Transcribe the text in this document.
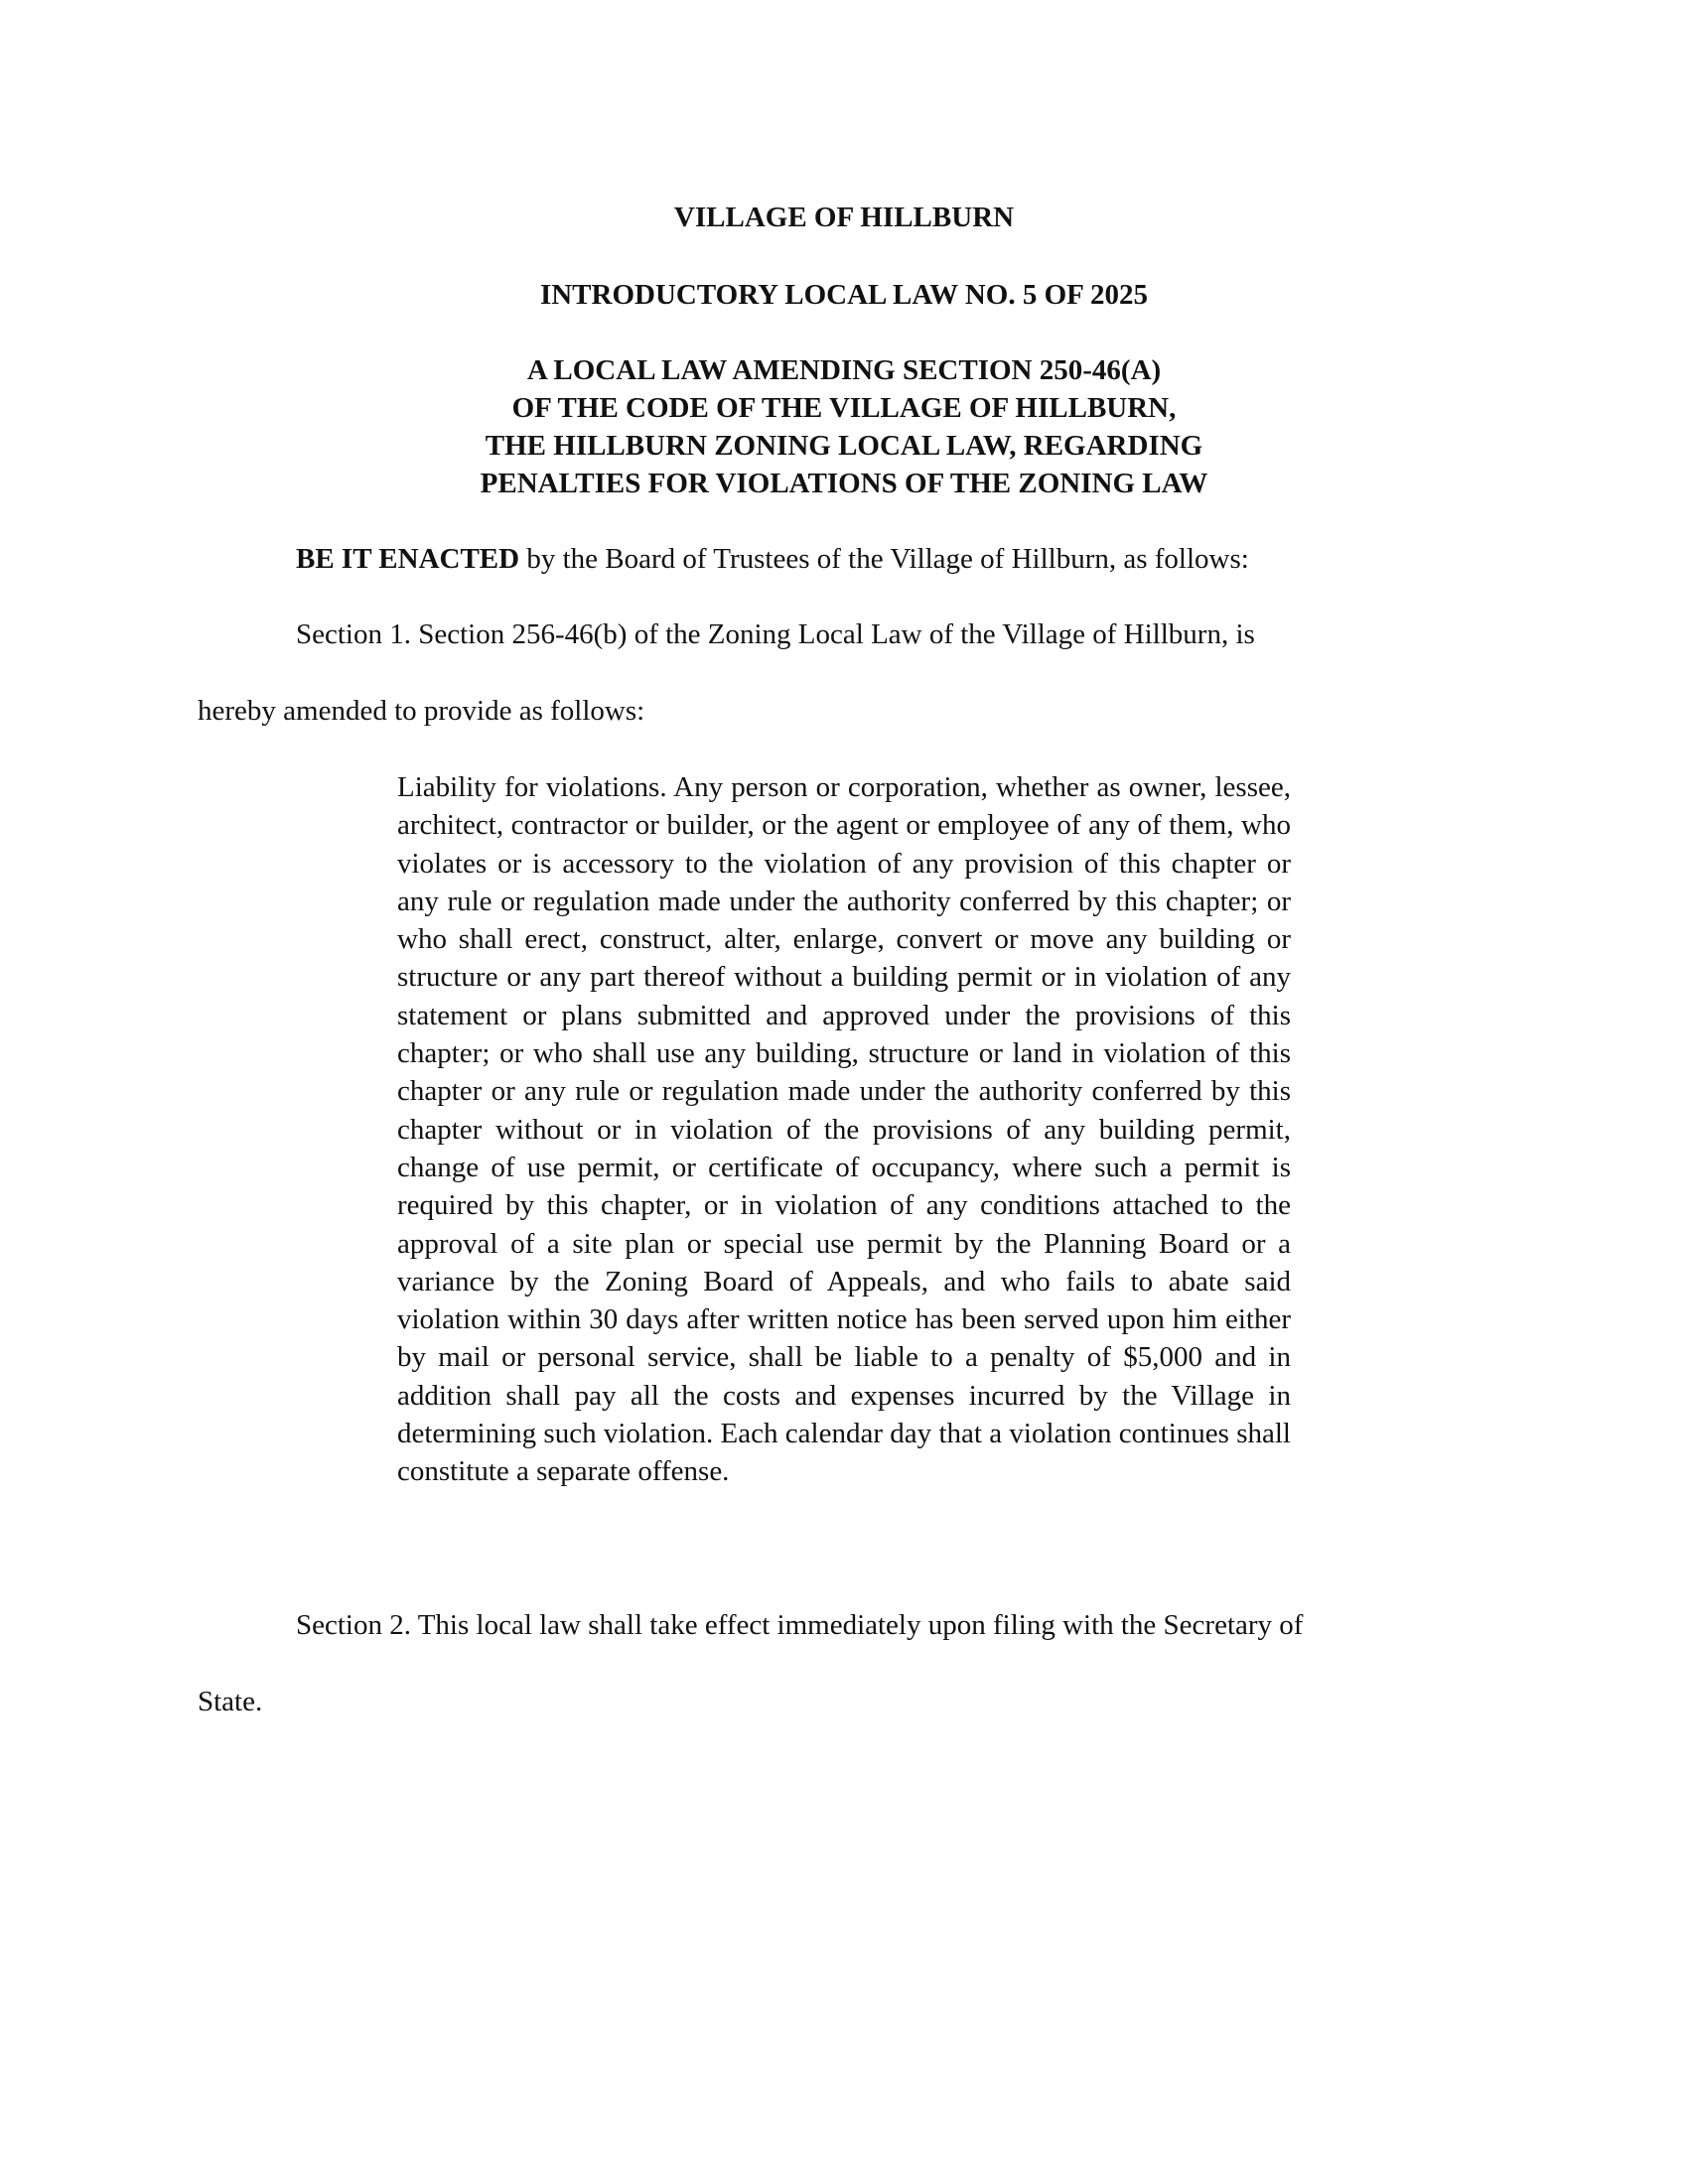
VILLAGE OF HILLBURN

INTRODUCTORY LOCAL LAW NO. 5 OF 2025

A LOCAL LAW AMENDING SECTION 250-46(A)
OF THE CODE OF THE VILLAGE OF HILLBURN,
THE HILLBURN ZONING LOCAL LAW, REGARDING
PENALTIES FOR VIOLATIONS OF THE ZONING LAW

BE IT ENACTED by the Board of Trustees of the Village of Hillburn, as follows:

Section 1. Section 256-46(b) of the Zoning Local Law of the Village of Hillburn, is

hereby amended to provide as follows:

Liability for violations. Any person or corporation, whether as owner, lessee, architect, contractor or builder, or the agent or employee of any of them, who violates or is accessory to the violation of any provision of this chapter or any rule or regulation made under the authority conferred by this chapter; or who shall erect, construct, alter, enlarge, convert or move any building or structure or any part thereof without a building permit or in violation of any statement or plans submitted and approved under the provisions of this chapter; or who shall use any building, structure or land in violation of this chapter or any rule or regulation made under the authority conferred by this chapter without or in violation of the provisions of any building permit, change of use permit, or certificate of occupancy, where such a permit is required by this chapter, or in violation of any conditions attached to the approval of a site plan or special use permit by the Planning Board or a variance by the Zoning Board of Appeals, and who fails to abate said violation within 30 days after written notice has been served upon him either by mail or personal service, shall be liable to a penalty of $5,000 and in addition shall pay all the costs and expenses incurred by the Village in determining such violation. Each calendar day that a violation continues shall constitute a separate offense.

Section 2. This local law shall take effect immediately upon filing with the Secretary of

State.
